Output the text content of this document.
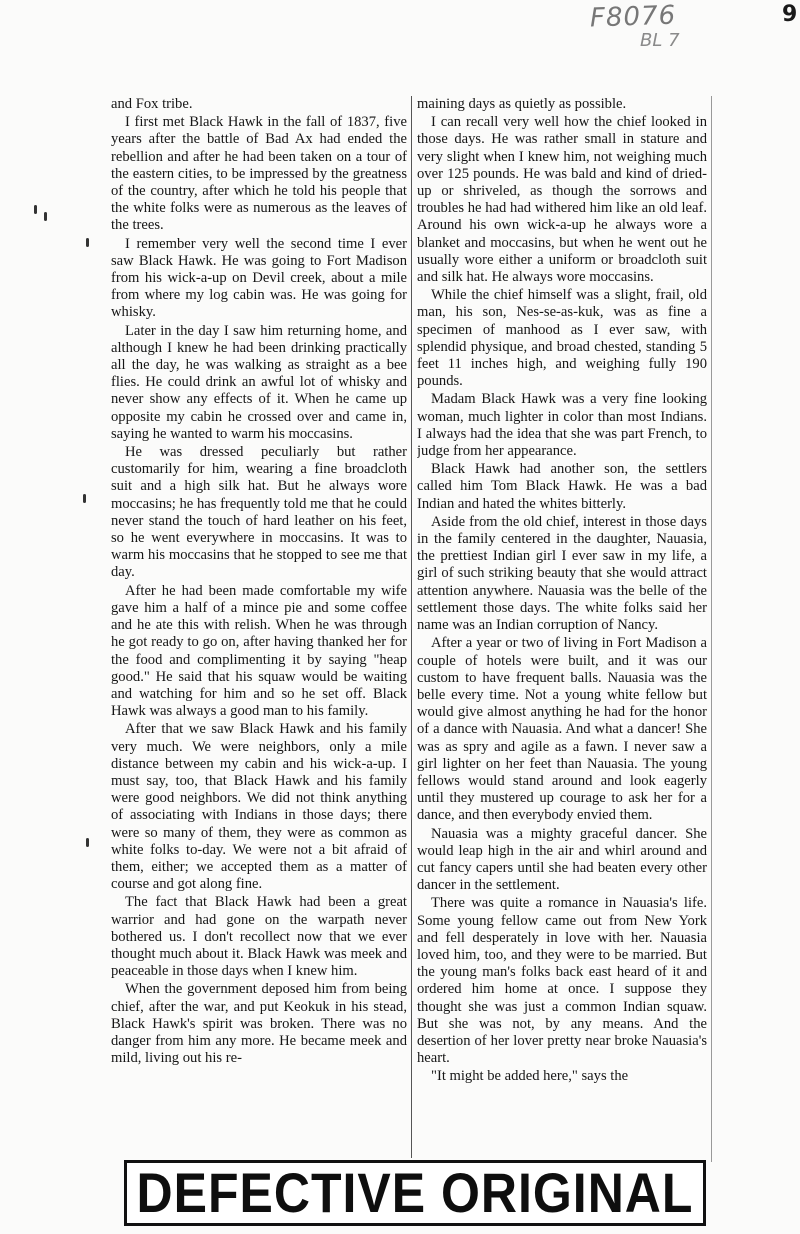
F8076
BL 7
9

and Fox tribe.

I first met Black Hawk in the fall of 1837, five years after the battle of Bad Ax had ended the rebellion and after he had been taken on a tour of the eastern cities, to be impressed by the greatness of the country, after which he told his people that the white folks were as numerous as the leaves of the trees.

I remember very well the second time I ever saw Black Hawk. He was going to Fort Madison from his wick-a-up on Devil creek, about a mile from where my log cabin was. He was going for whisky.

Later in the day I saw him returning home, and although I knew he had been drinking practically all the day, he was walking as straight as a bee flies. He could drink an awful lot of whisky and never show any effects of it. When he came up opposite my cabin he crossed over and came in, saying he wanted to warm his moccasins.

He was dressed peculiarly but rather customarily for him, wearing a fine broadcloth suit and a high silk hat. But he always wore moccasins; he has frequently told me that he could never stand the touch of hard leather on his feet, so he went everywhere in moccasins. It was to warm his moccasins that he stopped to see me that day.

After he had been made comfortable my wife gave him a half of a mince pie and some coffee and he ate this with relish. When he was through he got ready to go on, after having thanked her for the food and complimenting it by saying "heap good." He said that his squaw would be waiting and watching for him and so he set off. Black Hawk was always a good man to his family.

After that we saw Black Hawk and his family very much. We were neighbors, only a mile distance between my cabin and his wick-a-up. I must say, too, that Black Hawk and his family were good neighbors. We did not think anything of associating with Indians in those days; there were so many of them, they were as common as white folks to-day. We were not a bit afraid of them, either; we accepted them as a matter of course and got along fine.

The fact that Black Hawk had been a great warrior and had gone on the warpath never bothered us. I don't recollect now that we ever thought much about it. Black Hawk was meek and peaceable in those days when I knew him.

When the government deposed him from being chief, after the war, and put Keokuk in his stead, Black Hawk's spirit was broken. There was no danger from him any more. He became meek and mild, living out his re-

maining days as quietly as possible.

I can recall very well how the chief looked in those days. He was rather small in stature and very slight when I knew him, not weighing much over 125 pounds. He was bald and kind of dried-up or shriveled, as though the sorrows and troubles he had had withered him like an old leaf. Around his own wick-a-up he always wore a blanket and moccasins, but when he went out he usually wore either a uniform or broadcloth suit and silk hat. He always wore moccasins.

While the chief himself was a slight, frail, old man, his son, Nes-se-as-kuk, was as fine a specimen of manhood as I ever saw, with splendid physique, and broad chested, standing 5 feet 11 inches high, and weighing fully 190 pounds.

Madam Black Hawk was a very fine looking woman, much lighter in color than most Indians. I always had the idea that she was part French, to judge from her appearance.

Black Hawk had another son, the settlers called him Tom Black Hawk. He was a bad Indian and hated the whites bitterly.

Aside from the old chief, interest in those days in the family centered in the daughter, Nauasia, the prettiest Indian girl I ever saw in my life, a girl of such striking beauty that she would attract attention anywhere. Nauasia was the belle of the settlement those days. The white folks said her name was an Indian corruption of Nancy.

After a year or two of living in Fort Madison a couple of hotels were built, and it was our custom to have frequent balls. Nauasia was the belle every time. Not a young white fellow but would give almost anything he had for the honor of a dance with Nauasia. And what a dancer! She was as spry and agile as a fawn. I never saw a girl lighter on her feet than Nauasia. The young fellows would stand around and look eagerly until they mustered up courage to ask her for a dance, and then everybody envied them.

Nauasia was a mighty graceful dancer. She would leap high in the air and whirl around and cut fancy capers until she had beaten every other dancer in the settlement.

There was quite a romance in Nauasia's life. Some young fellow came out from New York and fell desperately in love with her. Nauasia loved him, too, and they were to be married. But the young man's folks back east heard of it and ordered him home at once. I suppose they thought she was just a common Indian squaw. But she was not, by any means. And the desertion of her lover pretty near broke Nauasia's heart.

"It might be added here," says the

DEFECTIVE ORIGINAL
